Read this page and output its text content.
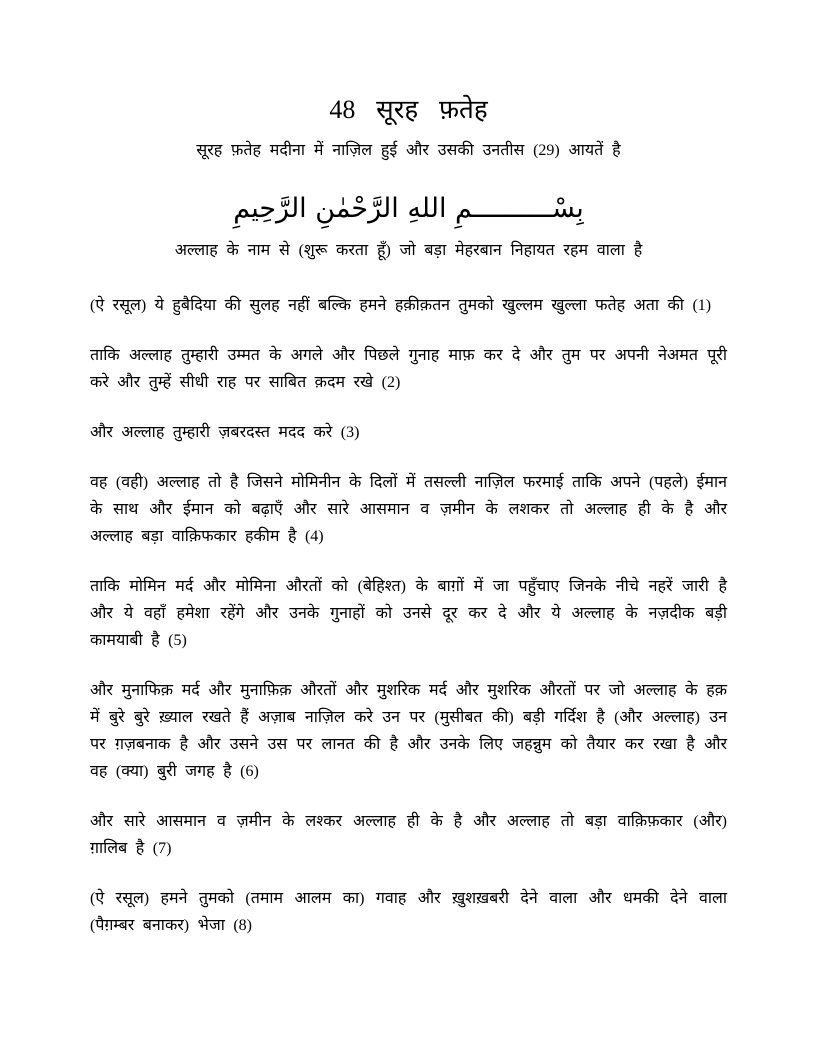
48 सूरह फ़तेह

सूरह फ़तेह मदीना में नाज़िल हुई और उसकी उनतीस (29) आयतें है

بِسْــــــــــمِ اللهِ الرَّحْمٰنِ الرَّحِيمِ

अल्लाह के नाम से (शुरू करता हूँ) जो बड़ा मेहरबान निहायत रहम वाला है

(ऐ रसूल) ये हुबैदिया की सुलह नहीं बल्कि हमने हक़ीक़तन तुमको खुल्लम खुल्ला फतेह अता की (1)

ताकि अल्लाह तुम्हारी उम्मत के अगले और पिछले गुनाह माफ़ कर दे और तुम पर अपनी नेअमत पूरी करे और तुम्हें सीधी राह पर साबित क़दम रखे (2)

और अल्लाह तुम्हारी ज़बरदस्त मदद करे (3)

वह (वही) अल्लाह तो है जिसने मोमिनीन के दिलों में तसल्ली नाज़िल फरमाई ताकि अपने (पहले) ईमान के साथ और ईमान को बढ़ाएँ और सारे आसमान व ज़मीन के लशकर तो अल्लाह ही के है और अल्लाह बड़ा वाक़िफकार हकीम है (4)

ताकि मोमिन मर्द और मोमिना औरतों को (बेहिश्त) के बाग़ों में जा पहुँचाए जिनके नीचे नहरें जारी है और ये वहाँ हमेशा रहेंगे और उनके गुनाहों को उनसे दूर कर दे और ये अल्लाह के नज़दीक बड़ी कामयाबी है (5)

और मुनाफिक़ मर्द और मुनाफ़िक़ औरतों और मुशरिक मर्द और मुशरिक औरतों पर जो अल्लाह के हक़ में बुरे बुरे ख़्याल रखते हैं अज़ाब नाज़िल करे उन पर (मुसीबत की) बड़ी गर्दिश है (और अल्लाह) उन पर ग़ज़बनाक है और उसने उस पर लानत की है और उनके लिए जहन्नुम को तैयार कर रखा है और वह (क्या) बुरी जगह है (6)

और सारे आसमान व ज़मीन के लश्कर अल्लाह ही के है और अल्लाह तो बड़ा वाक़िफ़कार (और) ग़ालिब है (7)

(ऐ रसूल) हमने तुमको (तमाम आलम का) गवाह और ख़ुशख़बरी देने वाला और धमकी देने वाला (पैग़म्बर बनाकर) भेजा (8)
